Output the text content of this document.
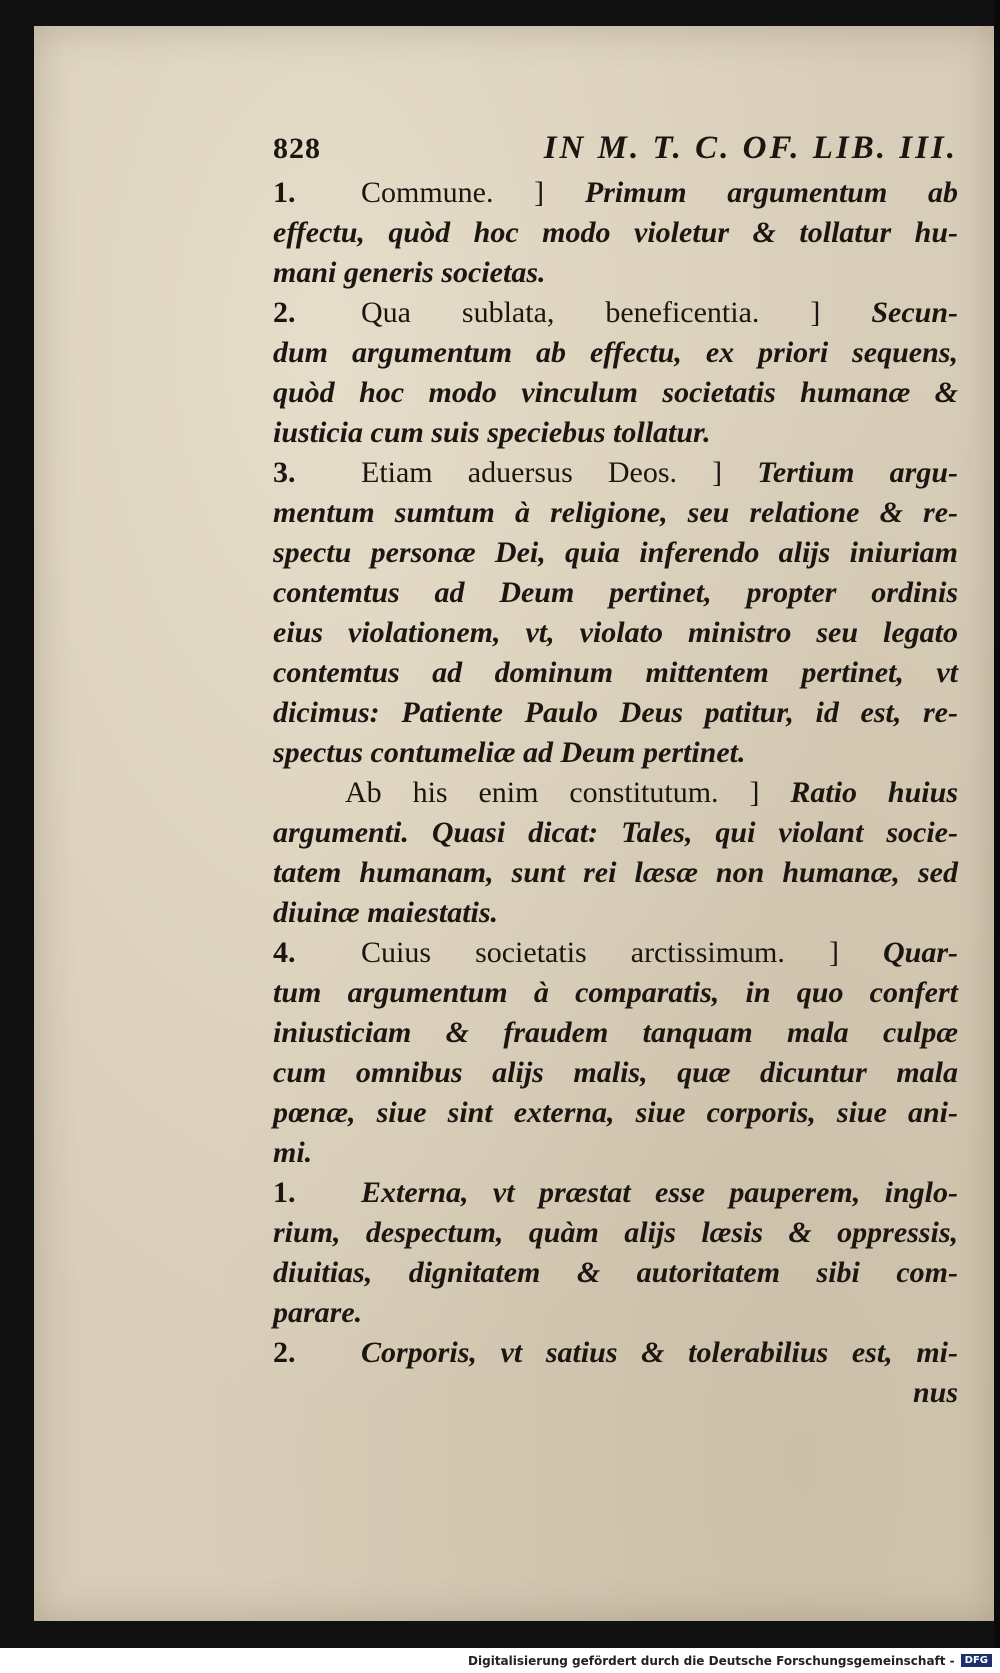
828	IN M. T. C. OF. LIB. III.
1. Commune. ] Primum argumentum ab
effectu, quòd hoc modo violetur & tollatur hu-
mani generis societas.
2. Qua sublata, beneficentia. ] Secun-
dum argumentum ab effectu, ex priori sequens,
quòd hoc modo vinculum societatis humanæ &
iusticia cum suis speciebus tollatur.
3. Etiam aduersus Deos. ] Tertium argu-
mentum sumtum à religione, seu relatione & re-
spectu personæ Dei, quia inferendo alijs iniuriam
contemtus ad Deum pertinet, propter ordinis
eius violationem, vt, violato ministro seu legato
contemtus ad dominum mittentem pertinet, vt
dicimus: Patiente Paulo Deus patitur, id est, re-
spectus contumeliæ ad Deum pertinet.
Ab his enim constitutum. ] Ratio huius
argumenti. Quasi dicat: Tales, qui violant socie-
tatem humanam, sunt rei læsæ non humanæ, sed
diuinæ maiestatis.
4. Cuius societatis arctissimum. ] Quar-
tum argumentum à comparatis, in quo confert
iniusticiam & fraudem tanquam mala culpæ
cum omnibus alijs malis, quæ dicuntur mala
pœnæ, siue sint externa, siue corporis, siue ani-
mi.
1. Externa, vt præstat esse pauperem, inglo-
rium, despectum, quàm alijs læsis & oppressis,
diuitias, dignitatem & autoritatem sibi com-
parare.
2. Corporis, vt satius & tolerabilius est, mi-
nus
Digitalisierung gefördert durch die Deutsche Forschungsgemeinschaft -	DFG
